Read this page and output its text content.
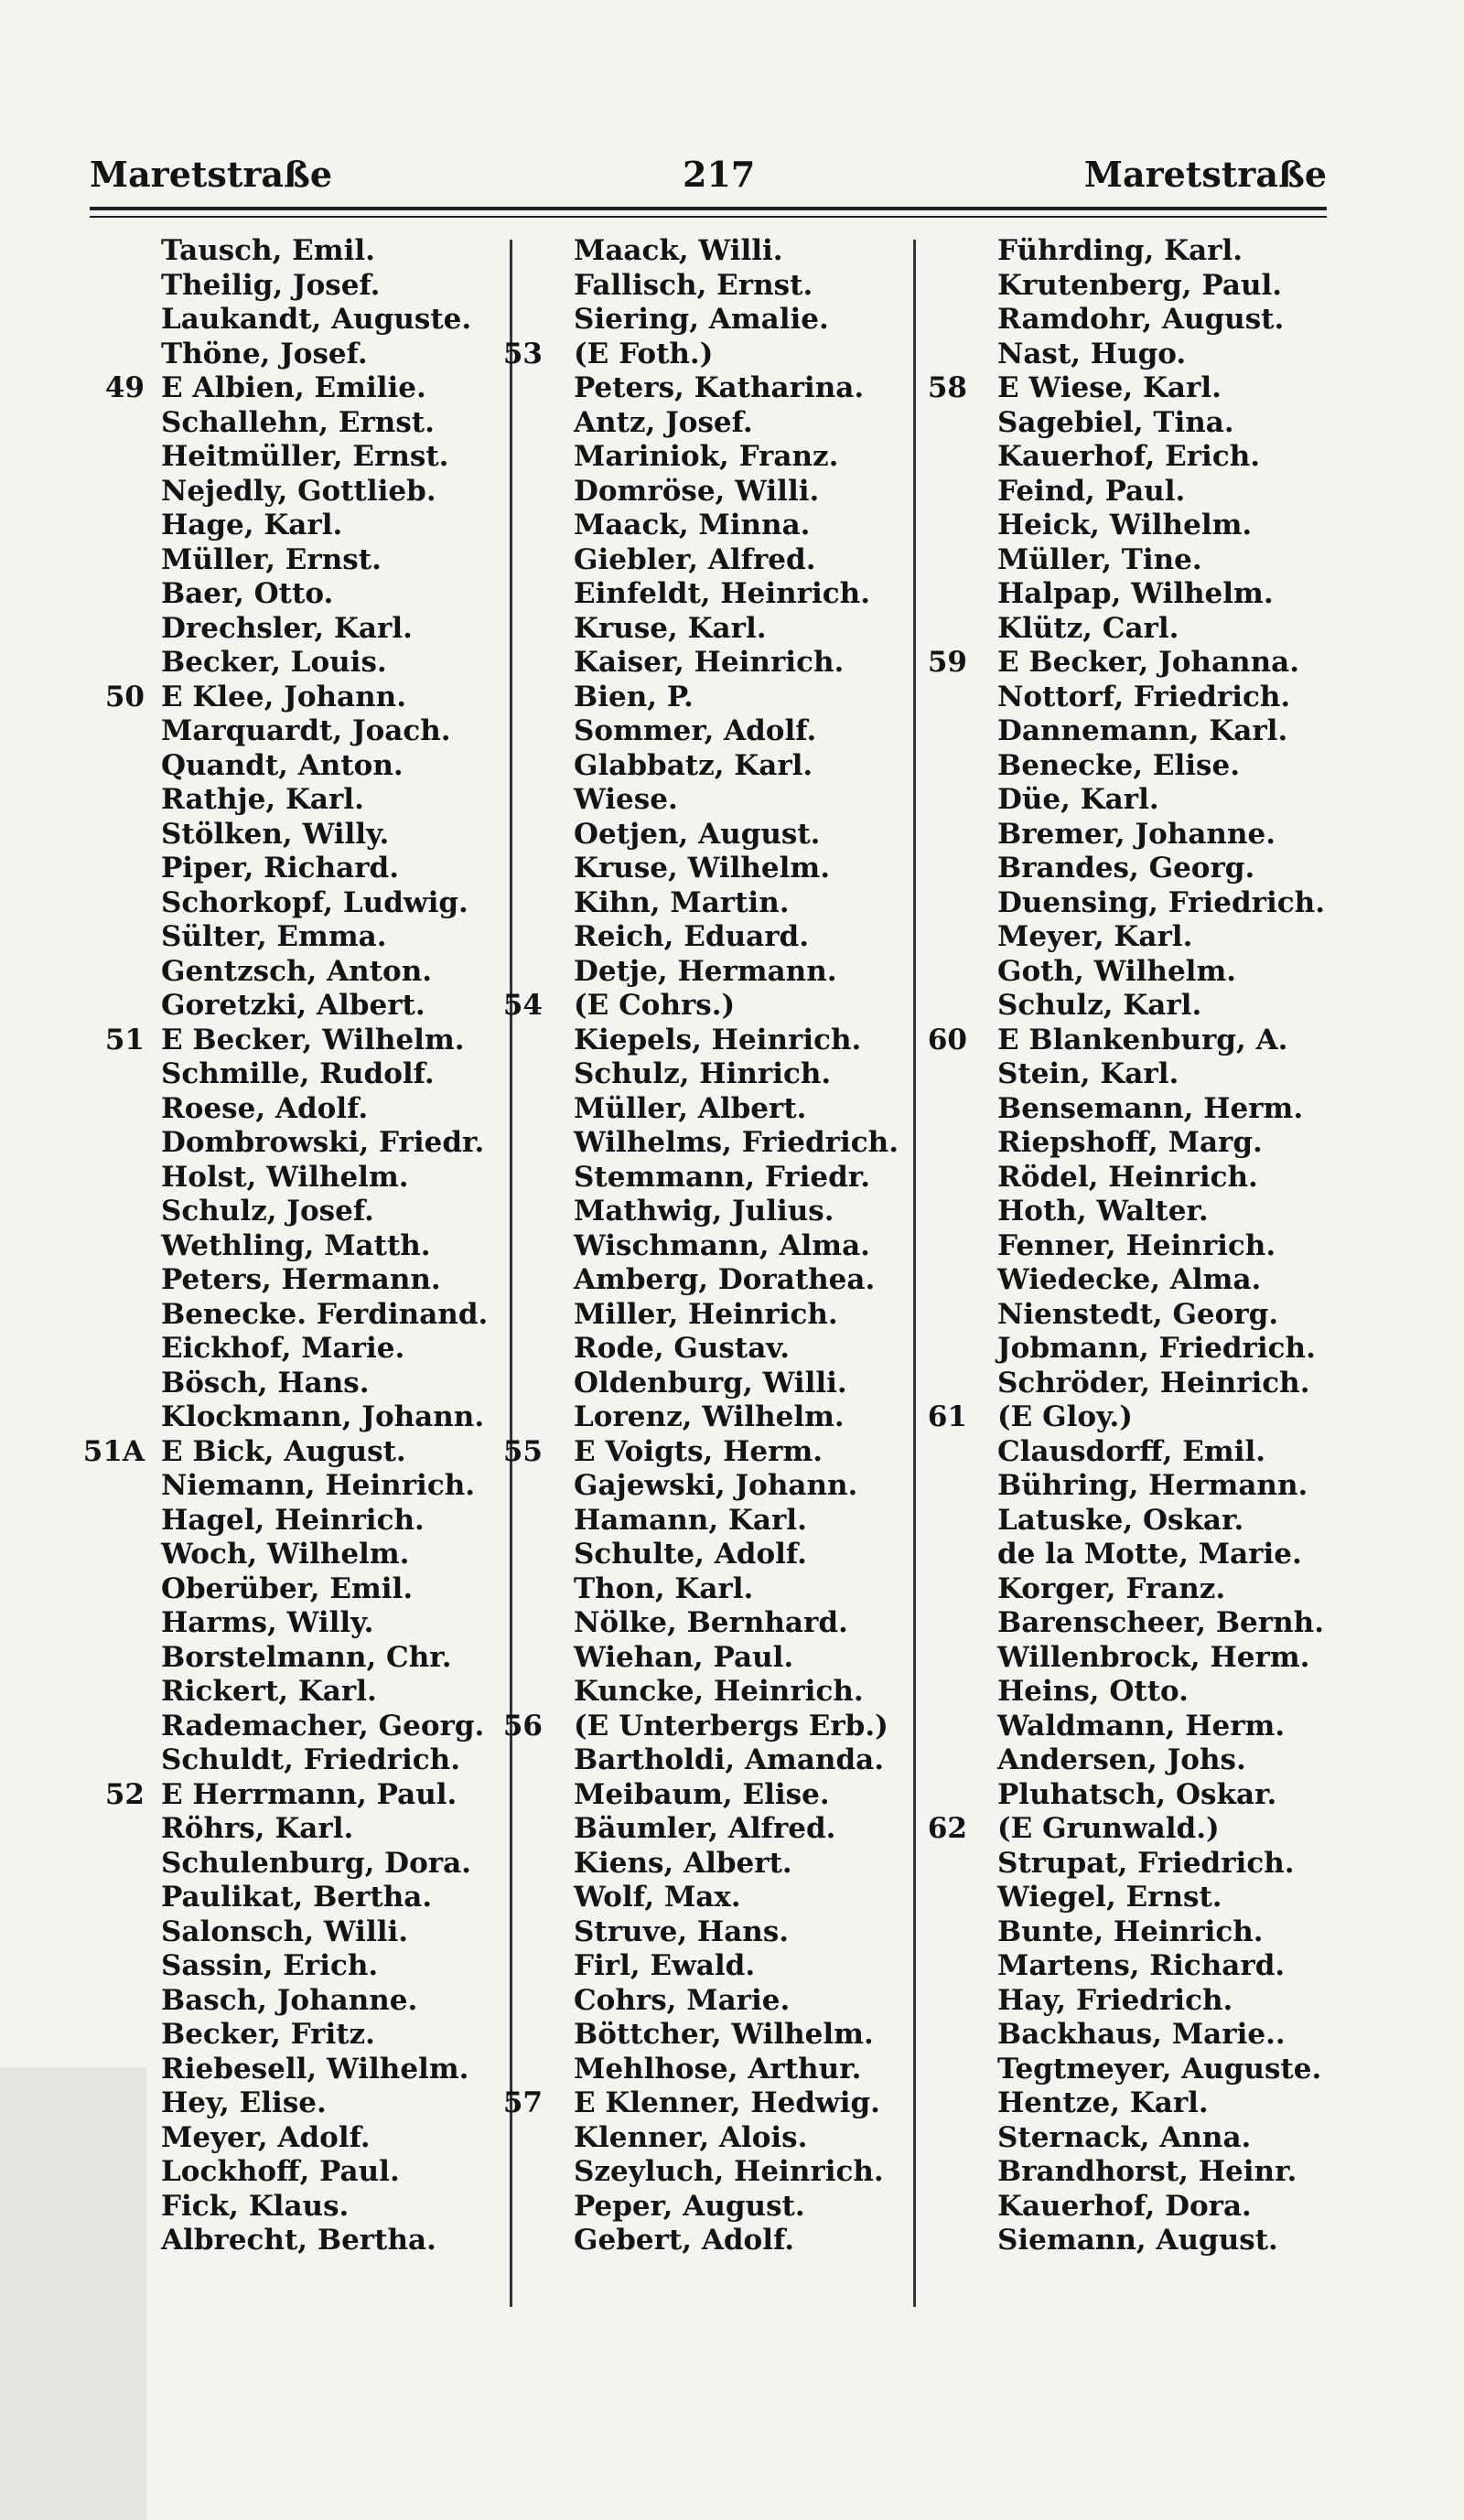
Maretstraße	217	Maretstraße
Tausch, Emil.
Theilig, Josef.
Laukandt, Auguste.
Thöne, Josef.
49 E Albien, Emilie.
Schallehn, Ernst.
Heitmüller, Ernst.
Nejedly, Gottlieb.
Hage, Karl.
Müller, Ernst.
Baer, Otto.
Drechsler, Karl.
Becker, Louis.
50 E Klee, Johann.
Marquardt, Joach.
Quandt, Anton.
Rathje, Karl.
Stölken, Willy.
Piper, Richard.
Schorkopf, Ludwig.
Sülter, Emma.
Gentzsch, Anton.
Goretzki, Albert.
51 E Becker, Wilhelm.
Schmille, Rudolf.
Roese, Adolf.
Dombrowski, Friedr.
Holst, Wilhelm.
Schulz, Josef.
Wethling, Matth.
Peters, Hermann.
Benecke. Ferdinand.
Eickhof, Marie.
Bösch, Hans.
Klockmann, Johann.
51A E Bick, August.
Niemann, Heinrich.
Hagel, Heinrich.
Woch, Wilhelm.
Oberüber, Emil.
Harms, Willy.
Borstelmann, Chr.
Rickert, Karl.
Rademacher, Georg.
Schuldt, Friedrich.
52 E Herrmann, Paul.
Röhrs, Karl.
Schulenburg, Dora.
Paulikat, Bertha.
Salonsch, Willi.
Sassin, Erich.
Basch, Johanne.
Becker, Fritz.
Riebesell, Wilhelm.
Hey, Elise.
Meyer, Adolf.
Lockhoff, Paul.
Fick, Klaus.
Albrecht, Bertha.
Maack, Willi.
Fallisch, Ernst.
Siering, Amalie.
53 (E Foth.)
Peters, Katharina.
Antz, Josef.
Mariniok, Franz.
Domröse, Willi.
Maack, Minna.
Giebler, Alfred.
Einfeldt, Heinrich.
Kruse, Karl.
Kaiser, Heinrich.
Bien, P.
Sommer, Adolf.
Glabbatz, Karl.
Wiese.
Oetjen, August.
Kruse, Wilhelm.
Kihn, Martin.
Reich, Eduard.
Detje, Hermann.
54 (E Cohrs.)
Kiepels, Heinrich.
Schulz, Hinrich.
Müller, Albert.
Wilhelms, Friedrich.
Stemmann, Friedr.
Mathwig, Julius.
Wischmann, Alma.
Amberg, Dorathea.
Miller, Heinrich.
Rode, Gustav.
Oldenburg, Willi.
Lorenz, Wilhelm.
55 E Voigts, Herm.
Gajewski, Johann.
Hamann, Karl.
Schulte, Adolf.
Thon, Karl.
Nölke, Bernhard.
Wiehan, Paul.
Kuncke, Heinrich.
56 (E Unterbergs Erb.)
Bartholdi, Amanda.
Meibaum, Elise.
Bäumler, Alfred.
Kiens, Albert.
Wolf, Max.
Struve, Hans.
Firl, Ewald.
Cohrs, Marie.
Böttcher, Wilhelm.
Mehlhose, Arthur.
57 E Klenner, Hedwig.
Klenner, Alois.
Szeyluch, Heinrich.
Peper, August.
Gebert, Adolf.
Führding, Karl.
Krutenberg, Paul.
Ramdohr, August.
Nast, Hugo.
58 E Wiese, Karl.
Sagebiel, Tina.
Kauerhof, Erich.
Feind, Paul.
Heick, Wilhelm.
Müller, Tine.
Halpap, Wilhelm.
Klütz, Carl.
59 E Becker, Johanna.
Nottorf, Friedrich.
Dannemann, Karl.
Benecke, Elise.
Düe, Karl.
Bremer, Johanne.
Brandes, Georg.
Duensing, Friedrich.
Meyer, Karl.
Goth, Wilhelm.
Schulz, Karl.
60 E Blankenburg, A.
Stein, Karl.
Bensemann, Herm.
Riepshoff, Marg.
Rödel, Heinrich.
Hoth, Walter.
Fenner, Heinrich.
Wiedecke, Alma.
Nienstedt, Georg.
Jobmann, Friedrich.
Schröder, Heinrich.
61 (E Gloy.)
Clausdorff, Emil.
Bühring, Hermann.
Latuske, Oskar.
de la Motte, Marie.
Korger, Franz.
Barenscheer, Bernh.
Willenbrock, Herm.
Heins, Otto.
Waldmann, Herm.
Andersen, Johs.
Pluhatsch, Oskar.
62 (E Grunwald.)
Strupat, Friedrich.
Wiegel, Ernst.
Bunte, Heinrich.
Martens, Richard.
Hay, Friedrich.
Backhaus, Marie..
Tegtmeyer, Auguste.
Hentze, Karl.
Sternack, Anna.
Brandhorst, Heinr.
Kauerhof, Dora.
Siemann, August.
